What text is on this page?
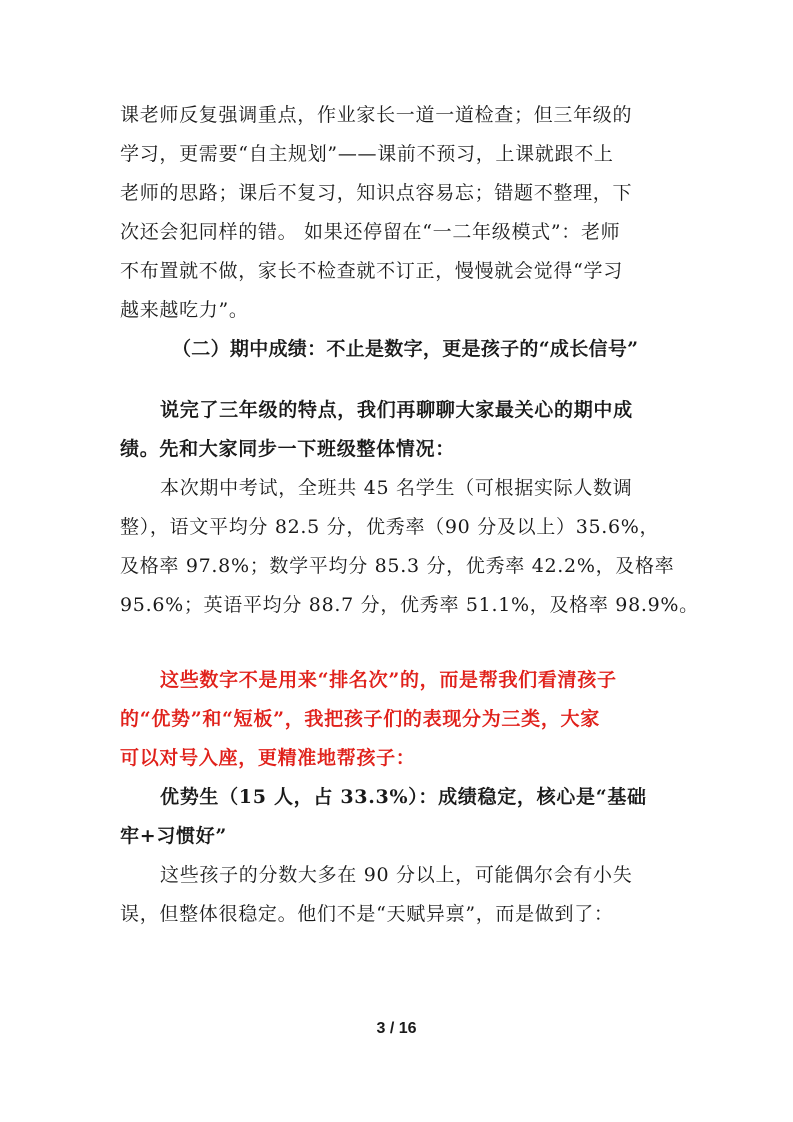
课老师反复强调重点，作业家长一道一道检查；但三年级的
学习，更需要“自主规划”——课前不预习，上课就跟不上
老师的思路；课后不复习，知识点容易忘；错题不整理，下
次还会犯同样的错。 如果还停留在“一二年级模式”：老师
不布置就不做，家长不检查就不订正，慢慢就会觉得“学习
越来越吃力”。
（二）期中成绩：不止是数字，更是孩子的“成长信号”
说完了三年级的特点，我们再聊聊大家最关心的期中成
绩。先和大家同步一下班级整体情况：
本次期中考试，全班共 45 名学生（可根据实际人数调
整），语文平均分 82.5 分，优秀率（90 分及以上）35.6%，
及格率 97.8%；数学平均分 85.3 分，优秀率 42.2%，及格率
95.6%；英语平均分 88.7 分，优秀率 51.1%，及格率 98.9%。
这些数字不是用来“排名次”的，而是帮我们看清孩子
的“优势”和“短板”，我把孩子们的表现分为三类，大家
可以对号入座，更精准地帮孩子：
优势生（15 人，占 33.3%）：成绩稳定，核心是“基础
牢+习惯好”
这些孩子的分数大多在 90 分以上，可能偶尔会有小失
误，但整体很稳定。他们不是“天赋异禀”，而是做到了：
3 / 16
